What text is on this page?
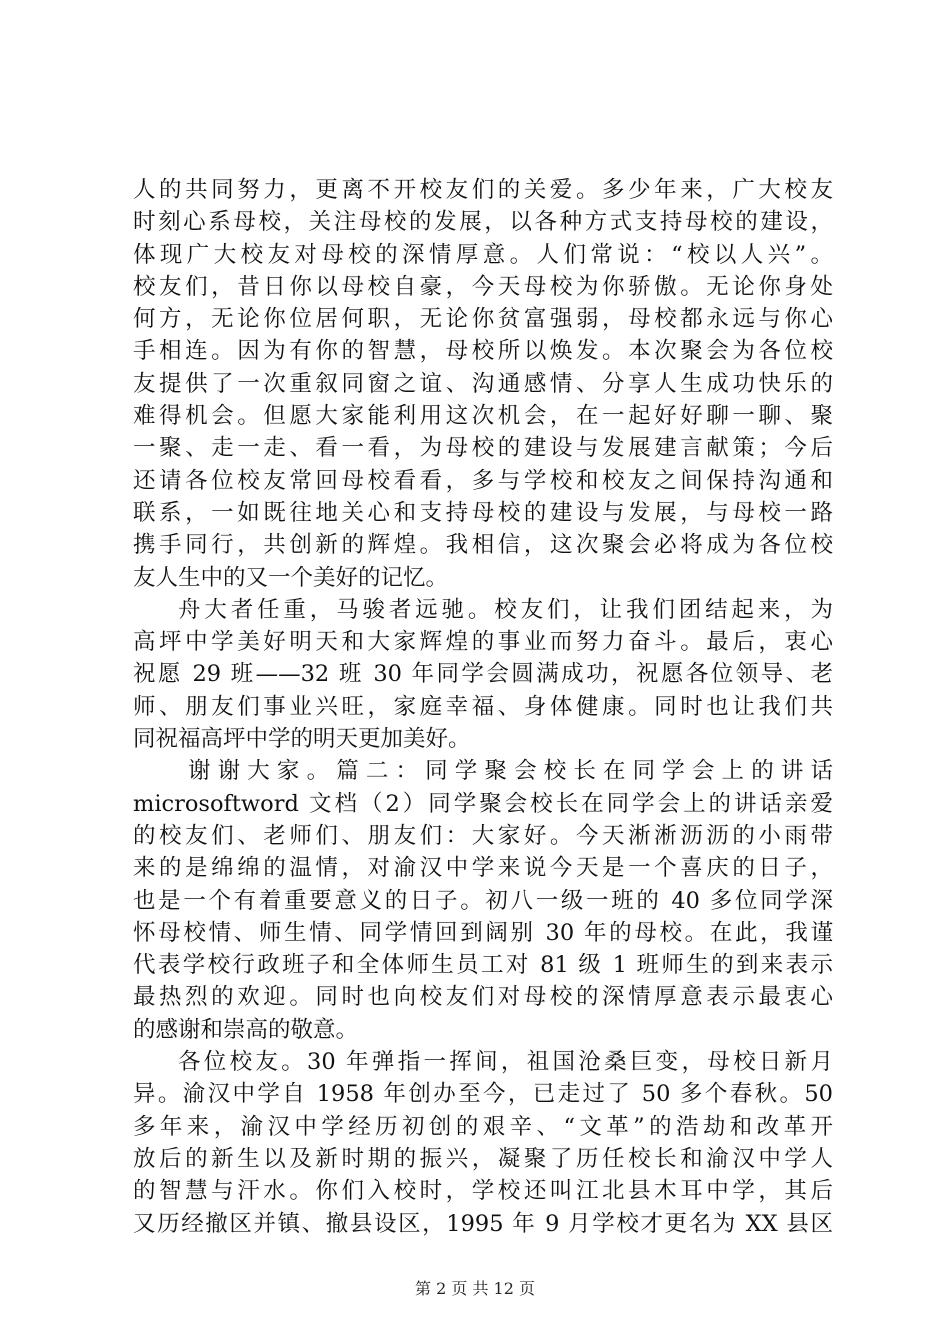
人的共同努力，更离不开校友们的关爱。多少年来，广大校友
时刻心系母校，关注母校的发展，以各种方式支持母校的建设，
体现广大校友对母校的深情厚意。人们常说：“校以人兴”。
校友们，昔日你以母校自豪，今天母校为你骄傲。无论你身处
何方，无论你位居何职，无论你贫富强弱，母校都永远与你心
手相连。因为有你的智慧，母校所以焕发。本次聚会为各位校
友提供了一次重叙同窗之谊、沟通感情、分享人生成功快乐的
难得机会。但愿大家能利用这次机会，在一起好好聊一聊、聚
一聚、走一走、看一看，为母校的建设与发展建言献策；今后
还请各位校友常回母校看看，多与学校和校友之间保持沟通和
联系，一如既往地关心和支持母校的建设与发展，与母校一路
携手同行，共创新的辉煌。我相信，这次聚会必将成为各位校
友人生中的又一个美好的记忆。
舟大者任重，马骏者远驰。校友们，让我们团结起来，为
高坪中学美好明天和大家辉煌的事业而努力奋斗。最后，衷心
祝愿 29 班——32 班 30 年同学会圆满成功，祝愿各位领导、老
师、朋友们事业兴旺，家庭幸福、身体健康。同时也让我们共
同祝福高坪中学的明天更加美好。
谢谢大家。篇二：同学聚会校长在同学会上的讲话
microsoftword 文档（2）同学聚会校长在同学会上的讲话亲爱
的校友们、老师们、朋友们：大家好。今天淅淅沥沥的小雨带
来的是绵绵的温情，对渝汉中学来说今天是一个喜庆的日子，
也是一个有着重要意义的日子。初八一级一班的 40 多位同学深
怀母校情、师生情、同学情回到阔别 30 年的母校。在此，我谨
代表学校行政班子和全体师生员工对 81 级 1 班师生的到来表示
最热烈的欢迎。同时也向校友们对母校的深情厚意表示最衷心
的感谢和崇高的敬意。
各位校友。30 年弹指一挥间，祖国沧桑巨变，母校日新月
异。渝汉中学自 1958 年创办至今，已走过了 50 多个春秋。50
多年来，渝汉中学经历初创的艰辛、“文革”的浩劫和改革开
放后的新生以及新时期的振兴，凝聚了历任校长和渝汉中学人
的智慧与汗水。你们入校时，学校还叫江北县木耳中学，其后
又历经撤区并镇、撤县设区，1995 年 9 月学校才更名为 XX 县区
第 2 页 共 12 页
